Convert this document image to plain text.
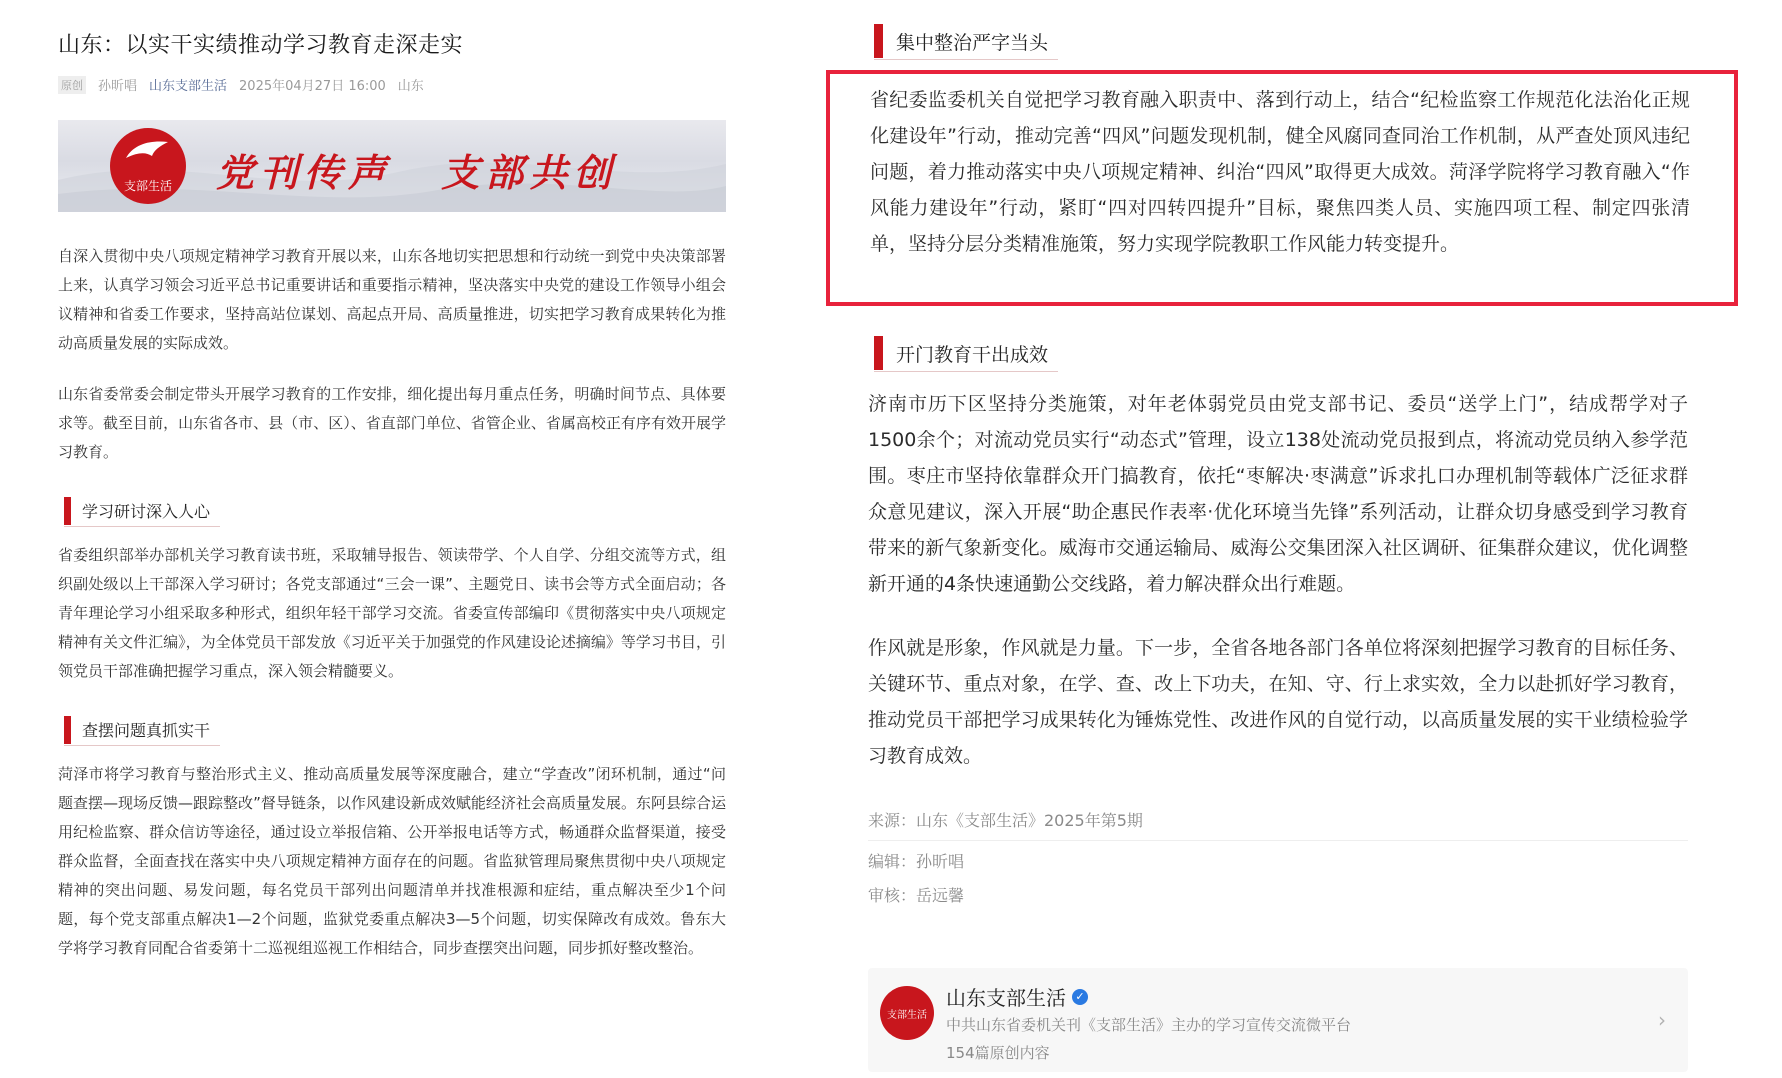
山东：以实干实绩推动学习教育走深走实
原创 孙昕唱 山东支部生活 2025年04月27日 16:00 山东
支部生活 党刊传声 支部共创

自深入贯彻中央八项规定精神学习教育开展以来，山东各地切实把思想和行动统一到党中央决策部署上来，认真学习领会习近平总书记重要讲话和重要指示精神，坚决落实中央党的建设工作领导小组会议精神和省委工作要求，坚持高站位谋划、高起点开局、高质量推进，切实把学习教育成果转化为推动高质量发展的实际成效。

山东省委常委会制定带头开展学习教育的工作安排，细化提出每月重点任务，明确时间节点、具体要求等。截至目前，山东省各市、县（市、区）、省直部门单位、省管企业、省属高校正有序有效开展学习教育。

学习研讨深入人心

省委组织部举办部机关学习教育读书班，采取辅导报告、领读带学、个人自学、分组交流等方式，组织副处级以上干部深入学习研讨；各党支部通过“三会一课”、主题党日、读书会等方式全面启动；各青年理论学习小组采取多种形式，组织年轻干部学习交流。省委宣传部编印《贯彻落实中央八项规定精神有关文件汇编》，为全体党员干部发放《习近平关于加强党的作风建设论述摘编》等学习书目，引领党员干部准确把握学习重点，深入领会精髓要义。

查摆问题真抓实干

菏泽市将学习教育与整治形式主义、推动高质量发展等深度融合，建立“学查改”闭环机制，通过“问题查摆—现场反馈—跟踪整改”督导链条，以作风建设新成效赋能经济社会高质量发展。东阿县综合运用纪检监察、群众信访等途径，通过设立举报信箱、公开举报电话等方式，畅通群众监督渠道，接受群众监督，全面查找在落实中央八项规定精神方面存在的问题。省监狱管理局聚焦贯彻中央八项规定精神的突出问题、易发问题，每名党员干部列出问题清单并找准根源和症结，重点解决至少1个问题，每个党支部重点解决1—2个问题，监狱党委重点解决3—5个问题，切实保障改有成效。鲁东大学将学习教育同配合省委第十二巡视组巡视工作相结合，同步查摆突出问题，同步抓好整改整治。

集中整治严字当头

省纪委监委机关自觉把学习教育融入职责中、落到行动上，结合“纪检监察工作规范化法治化正规化建设年”行动，推动完善“四风”问题发现机制，健全风腐同查同治工作机制，从严查处顶风违纪问题，着力推动落实中央八项规定精神、纠治“四风”取得更大成效。菏泽学院将学习教育融入“作风能力建设年”行动，紧盯“四对四转四提升”目标，聚焦四类人员、实施四项工程、制定四张清单，坚持分层分类精准施策，努力实现学院教职工作风能力转变提升。

开门教育干出成效

济南市历下区坚持分类施策，对年老体弱党员由党支部书记、委员“送学上门”，结成帮学对子1500余个；对流动党员实行“动态式”管理，设立138处流动党员报到点，将流动党员纳入参学范围。枣庄市坚持依靠群众开门搞教育，依托“枣解决·枣满意”诉求扎口办理机制等载体广泛征求群众意见建议，深入开展“助企惠民作表率·优化环境当先锋”系列活动，让群众切身感受到学习教育带来的新气象新变化。威海市交通运输局、威海公交集团深入社区调研、征集群众建议，优化调整新开通的4条快速通勤公交线路，着力解决群众出行难题。

作风就是形象，作风就是力量。下一步，全省各地各部门各单位将深刻把握学习教育的目标任务、关键环节、重点对象，在学、查、改上下功夫，在知、守、行上求实效，全力以赴抓好学习教育，推动党员干部把学习成果转化为锤炼党性、改进作风的自觉行动，以高质量发展的实干业绩检验学习教育成效。

来源：山东《支部生活》2025年第5期
编辑：孙昕唱
审核：岳远馨
支部生活
山东支部生活 ✓
中共山东省委机关刊《支部生活》主办的学习宣传交流微平台
154篇原创内容
›
